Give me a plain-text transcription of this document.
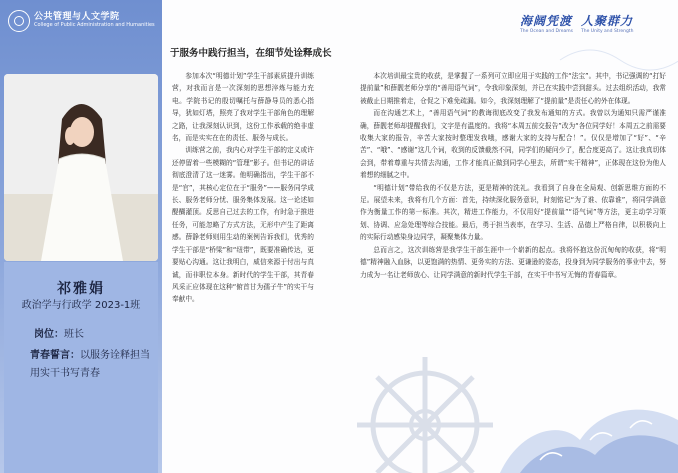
公共管理与人文学院
College of Public Administration and Humanities
祁雅娟
政治学与行政学 2023-1班
岗位：班长
青春誓言：以服务诠释担当用实干书写青春
海阔凭渡
The Ocean and Dreams
人聚群力
The Unity and Strength
于服务中践行担当，在细节处诠释成长

参加本次“明德计划”学生干部素质提升训练营，对我而言是一次深刻的思想淬炼与能力充电。学院书记的殷切嘱托与薛静导员的悉心指导，犹如灯塔，照亮了我对学生干部角色的理解之路，让我深刻认识到，这份工作承载的绝非虚名，而是实实在在的责任、服务与成长。

训练营之前，我内心对学生干部的定义或许还停留着一些模糊的“管理”影子。但书记的讲话彻底澄清了这一迷雾。他明确指出，学生干部不是“官”，其核心定位在于“服务”——服务同学成长、服务老师分忧、服务集体发展。这一论述如醍醐灌顶。反思自己过去的工作，有时急于推进任务，可能忽略了方式方法，无形中产生了距离感。薛静老师则用生动的案例告诉我们，优秀的学生干部是“桥梁”和“纽带”，既要准确传达，更要贴心沟通。这让我明白，威信来源于付出与真诚，而非职位本身。新时代的学生干部，其青春风采正应体现在这种“俯首甘为孺子牛”的实干与奉献中。

本次培训最宝贵的收获，是掌握了一系列可立即应用于实践的工作“法宝”。其中，书记强调的“打好提前量”和薛靓老师分享的“善用语气词”，令我印象深刻，并已在实践中尝到甜头。过去组织活动，我常被截止日期推着走，仓促之下难免疏漏。如今，我深刻理解了“提前量”是责任心的外在体现。

而在沟通艺术上，“善用语气词”的教诲彻底改变了我发布通知的方式。我曾以为通知只需严谨准确，薛靓老师却提醒我们，文字是有温度的。我将“本周五前交报告”改为“各位同学好！本周五之前需要收集大家的报告，辛苦大家按时整理发我哦，感谢大家的支持与配合！”。仅仅是增加了“好”、“辛苦”、“哦”、“感谢”这几个词，收到的反馈截然不同，同学们的疑问少了，配合度更高了。这让我真切体会到，带着尊重与共情去沟通，工作才能真正做到同学心里去，所谓“实干精神”，正体现在这份为他人着想的细腻之中。

“明德计划”带给我的不仅是方法，更是精神的洗礼。我看到了自身在全局观、创新思维方面的不足。展望未来，我将有几个方面：首先，持续深化服务意识，时刻铭记“为了谁、依靠谁”，将同学满意作为衡量工作的第一标准。其次，精进工作能力，不仅用好“提前量”“语气词”等方法，更主动学习策划、协调、应急处理等综合技能。最后，勇于担当表率，在学习、生活、品德上严格自律，以积极向上的实际行动感染身边同学，凝聚集体力量。

总而言之，这次训练营是我学生干部生涯中一个崭新的起点。我将怀抱这份沉甸甸的收获，将“明德”精神融入血脉，以更饱满的热情、更务实的方法、更谦逊的姿态，投身到为同学服务的事业中去，努力成为一名让老师放心、让同学满意的新时代学生干部，在实干中书写无悔的青春篇章。
